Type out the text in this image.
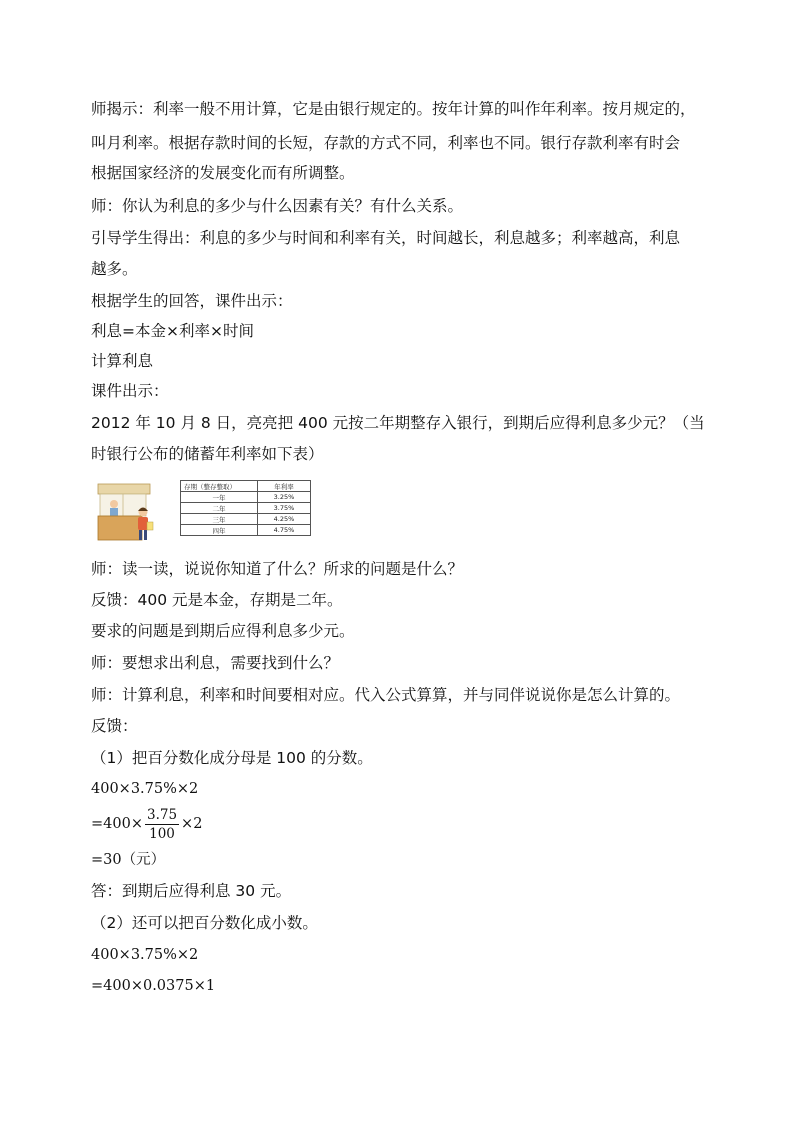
师揭示：利率一般不用计算，它是由银行规定的。按年计算的叫作年利率。按月规定的，
叫月利率。根据存款时间的长短，存款的方式不同，利率也不同。银行存款利率有时会
根据国家经济的发展变化而有所调整。
师：你认为利息的多少与什么因素有关？有什么关系。
引导学生得出：利息的多少与时间和利率有关，时间越长，利息越多；利率越高，利息
越多。
根据学生的回答，课件出示：
利息=本金×利率×时间
计算利息
课件出示：
2012 年 10 月 8 日，亮亮把 400 元按二年期整存入银行，到期后应得利息多少元？（当
时银行公布的储蓄年利率如下表）
存期（整存整取）	年利率
一年	3.25%
二年	3.75%
三年	4.25%
四年	4.75%
师：读一读，说说你知道了什么？所求的问题是什么？
反馈：400 元是本金，存期是二年。
要求的问题是到期后应得利息多少元。
师：要想求出利息，需要找到什么？
师：计算利息，利率和时间要相对应。代入公式算算，并与同伴说说你是怎么计算的。
反馈：
（1）把百分数化成分母是 100 的分数。
400×3.75%×2
$=400\times \frac{3.75}{100} \times 2$
=30（元）
答：到期后应得利息 30 元。
（2）还可以把百分数化成小数。
400×3.75%×2
=400×0.0375×1
